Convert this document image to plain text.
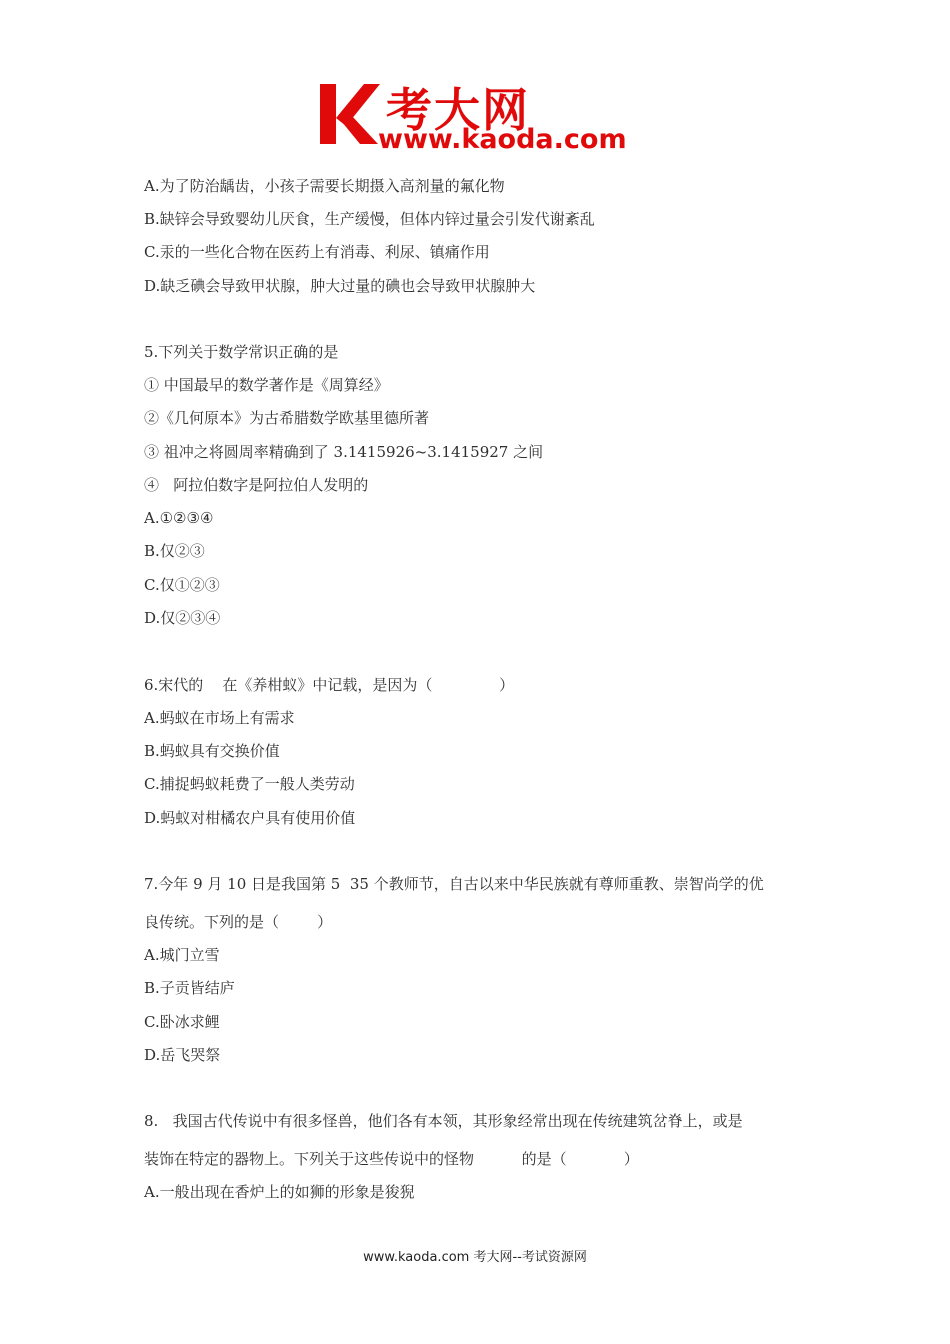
考大网
www.kaoda.com
A.为了防治龋齿，小孩子需要长期摄入高剂量的氟化物
B.缺锌会导致婴幼儿厌食，生产缓慢，但体内锌过量会引发代谢紊乱
C.汞的一些化合物在医药上有消毒、利尿、镇痛作用
D.缺乏碘会导致甲状腺，肿大过量的碘也会导致甲状腺肿大
5.下列关于数学常识正确的是
① 中国最早的数学著作是《周算经》
②《几何原本》为古希腊数学欧基里德所著
③ 祖冲之将圆周率精确到了 3.1415926~3.1415927 之间
④   阿拉伯数字是阿拉伯人发明的
A.①②③④
B.仅②③
C.仅①②③
D.仅②③④
6.宋代的    在《养柑蚁》中记载，是因为（              ）
A.蚂蚁在市场上有需求
B.蚂蚁具有交换价值
C.捕捉蚂蚁耗费了一般人类劳动
D.蚂蚁对柑橘农户具有使用价值
7.今年 9 月 10 日是我国第 5  35 个教师节，自古以来中华民族就有尊师重教、崇智尚学的优
良传统。下列的是（        ）
A.城门立雪
B.子贡皆结庐
C.卧冰求鲤
D.岳飞哭祭
8.   我国古代传说中有很多怪兽，他们各有本领，其形象经常出现在传统建筑岔脊上，或是
装饰在特定的器物上。下列关于这些传说中的怪物          的是（            ）
A.一般出现在香炉上的如狮的形象是狻猊
www.kaoda.com 考大网--考试资源网
